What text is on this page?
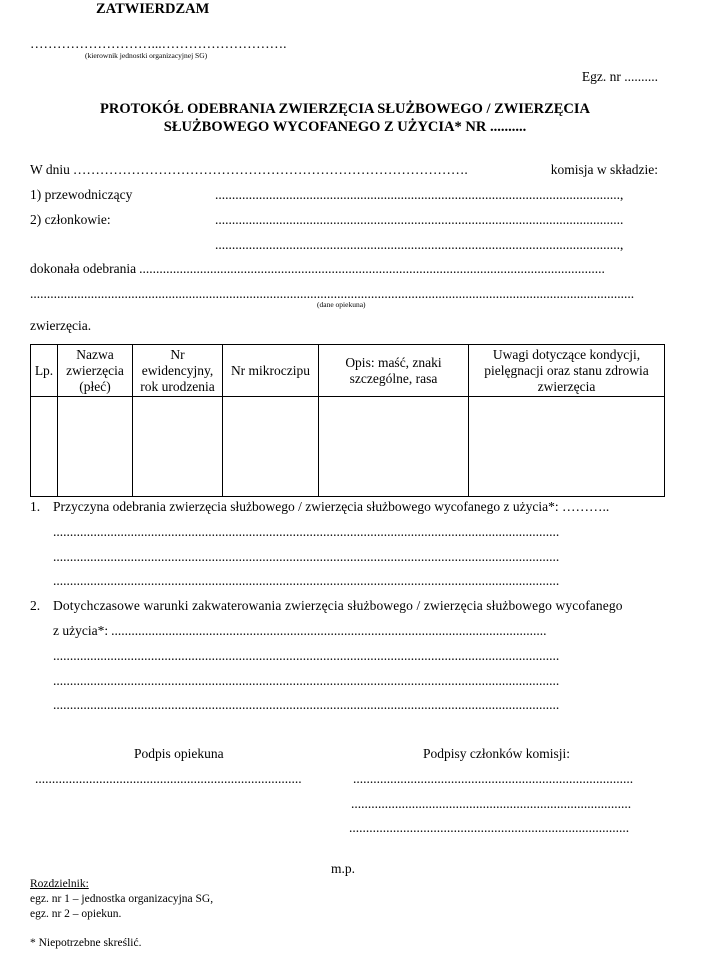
ZATWIERDZAM
………………………...……………………….
(kierownik jednostki organizacyjnej SG)
Egz. nr ..........
PROTOKÓŁ ODEBRANIA ZWIERZĘCIA SŁUŻBOWEGO / ZWIERZĘCIA
SŁUŻBOWEGO WYCOFANEGO Z UŻYCIA* NR ..........
W dniu …………………………………………………………………………….	komisja w składzie:
1) przewodniczący	........................................................................................................................,
2) członkowie:	.........................................................................................................................
........................................................................................................................,
dokonała odebrania ..........................................................................................................................................
...................................................................................................................................................................................
(dane opiekuna)
zwierzęcia.
Lp.	Nazwa zwierzęcia (płeć)	Nr ewidencyjny, rok urodzenia	Nr mikroczipu	Opis: maść, znaki szczególne, rasa	Uwagi dotyczące kondycji, pielęgnacji oraz stanu zdrowia zwierzęcia

1. Przyczyna odebrania zwierzęcia służbowego / zwierzęcia służbowego wycofanego z użycia*: ………..
......................................................................................................................................................
......................................................................................................................................................
......................................................................................................................................................
2. Dotychczasowe warunki zakwaterowania zwierzęcia służbowego / zwierzęcia służbowego wycofanego
z użycia*: .................................................................................................................................
......................................................................................................................................................
......................................................................................................................................................
......................................................................................................................................................
Podpis opiekuna	Podpisy członków komisji:
...............................................................................	...................................................................................
...................................................................................
...................................................................................
m.p.
Rozdzielnik:
egz. nr 1 – jednostka organizacyjna SG,
egz. nr 2 – opiekun.
* Niepotrzebne skreślić.
